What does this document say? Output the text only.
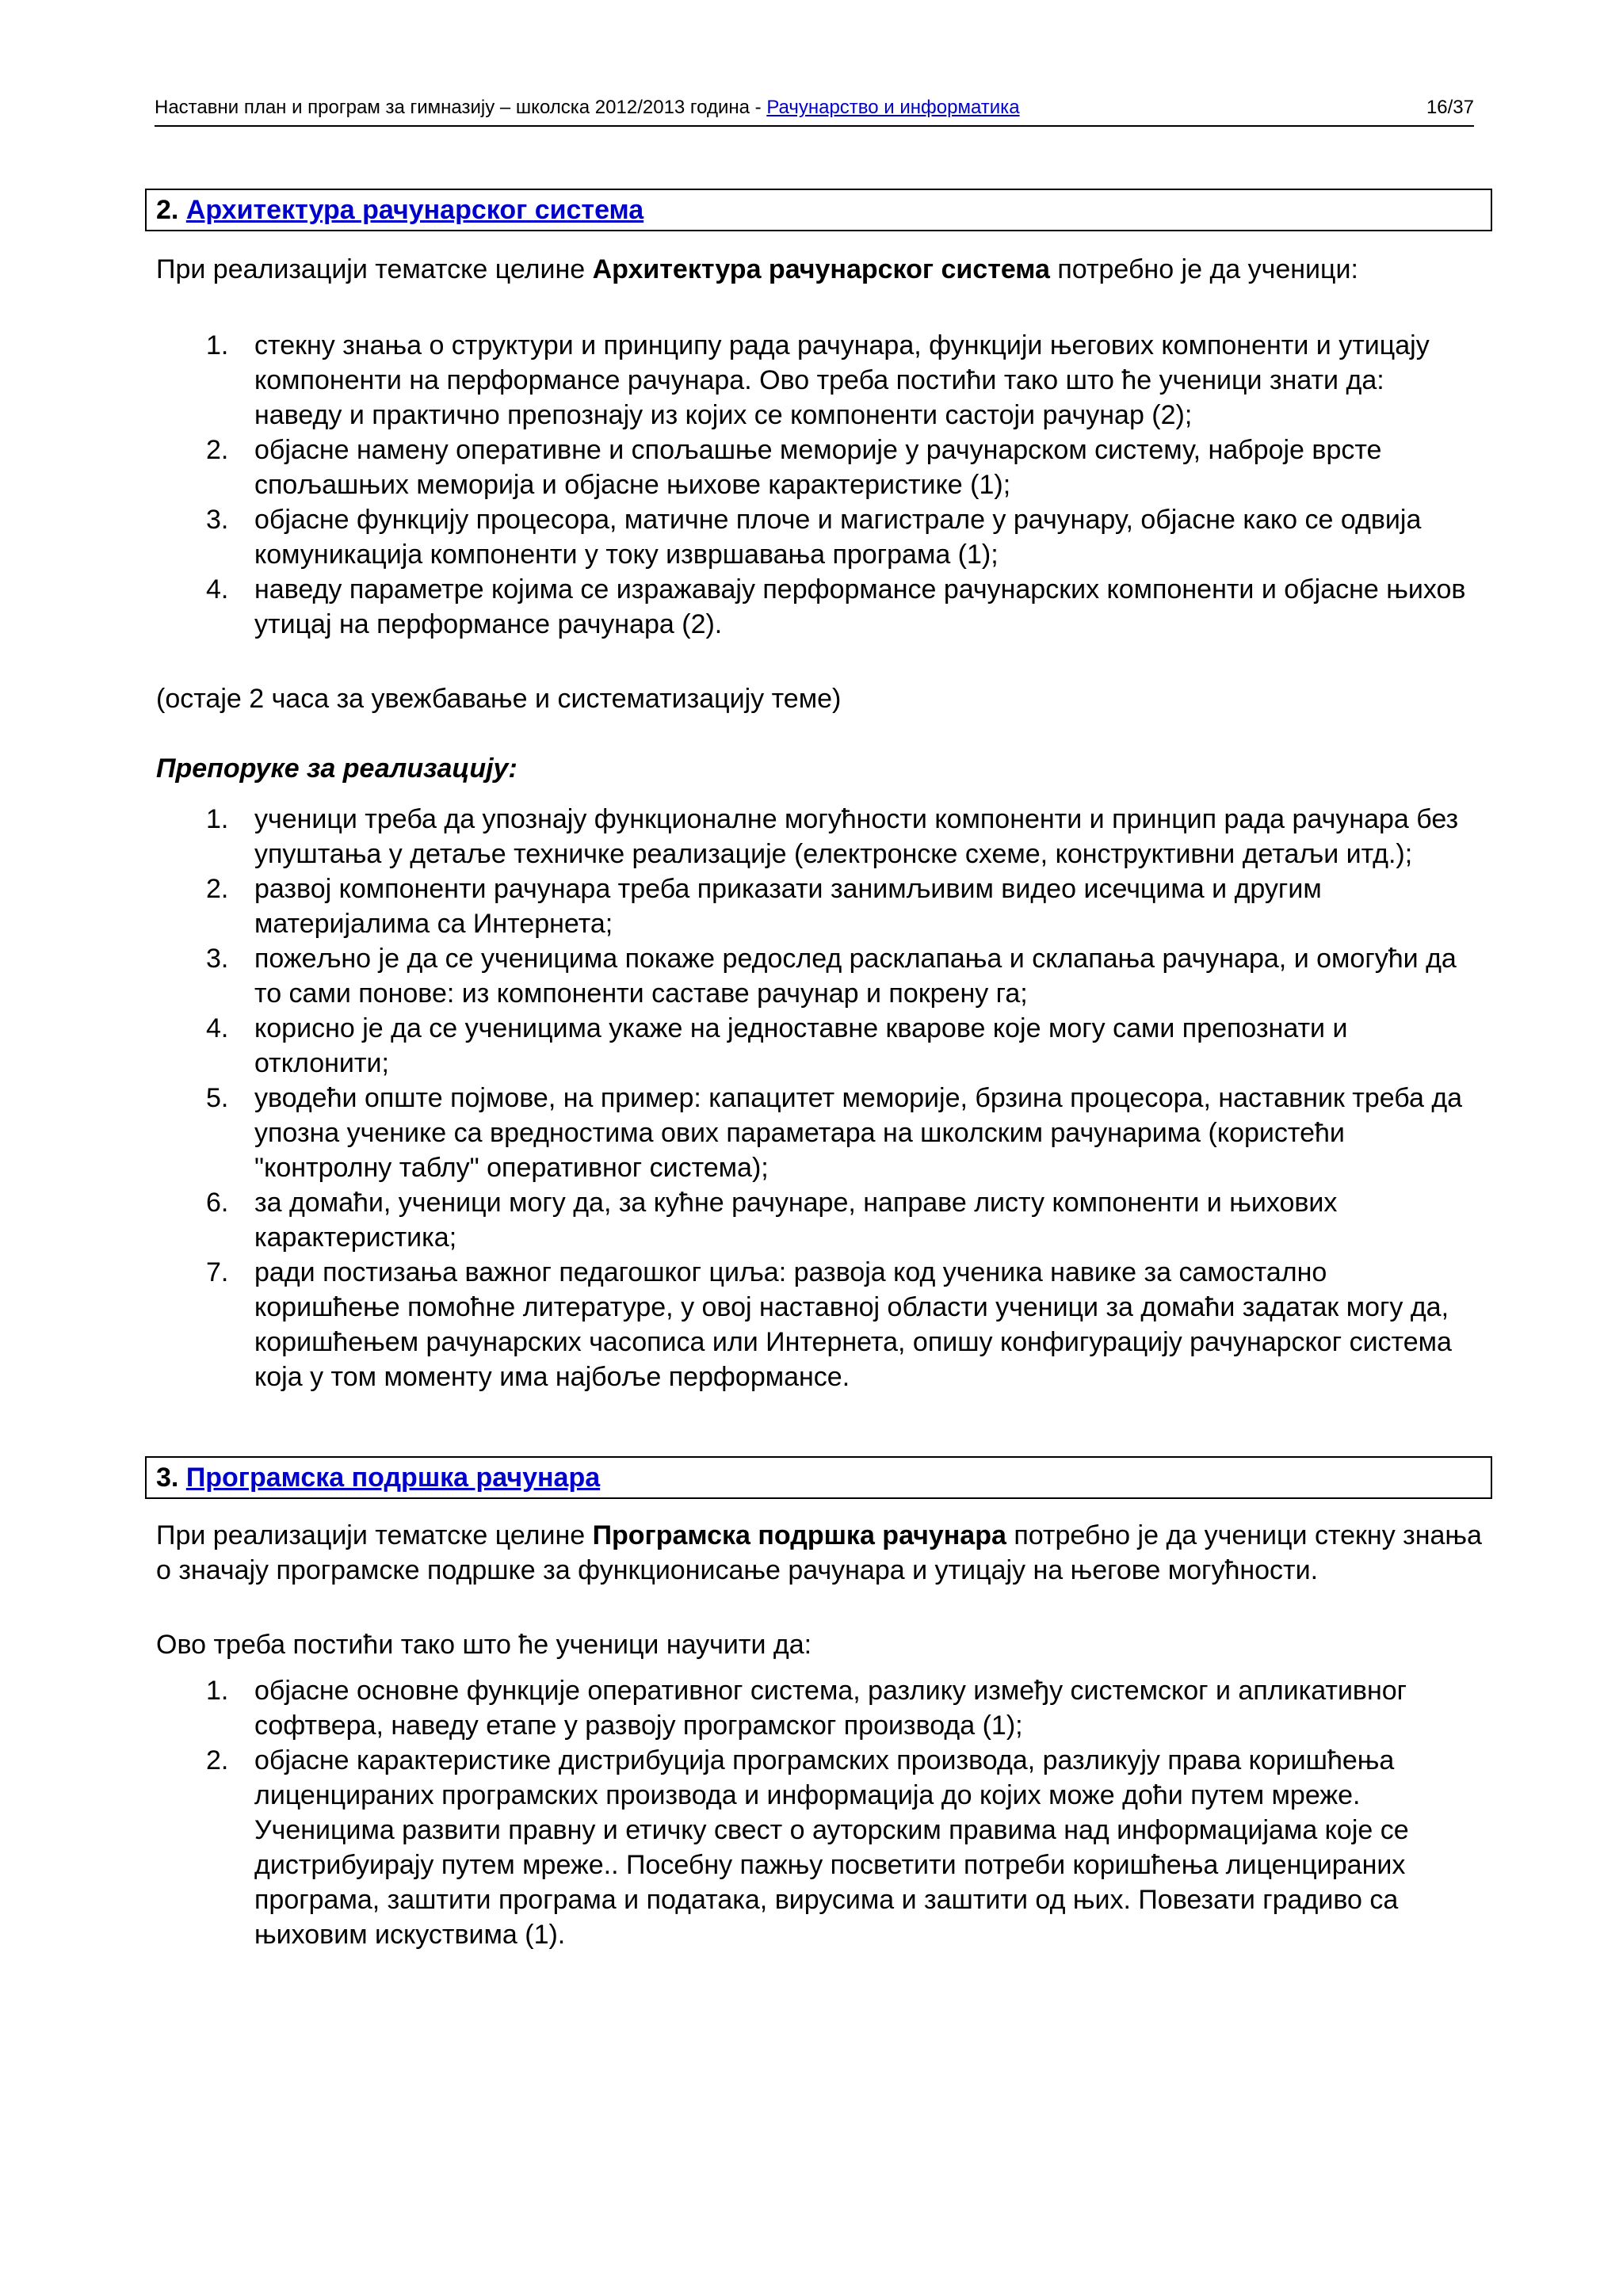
Наставни план и програм за гимназију – школска 2012/2013 година - Рачунарство и информатика	16/37
2. Архитектура рачунарског система
При реализацији тематске целине Архитектура рачунарског система потребно је да ученици:
1. стекну знања о структури и принципу рада рачунара, функцији његових компоненти и утицају компоненти на перформансе рачунара. Ово треба постићи тако што ће ученици знати да:
наведу и практично препознају из којих се компоненти састоји рачунар (2);
2. објасне намену оперативне и спољашње меморије у рачунарском систему, наброје врсте спољашњих меморија и објасне њихове карактеристике (1);
3. објасне функцију процесора, матичне плоче и магистрале у рачунару, објасне како се одвија комуникација компоненти у току извршавања програма (1);
4. наведу параметре којима се изражавају перформансе рачунарских компоненти и објасне њихов утицај на перформансе рачунара (2).
(остаје 2 часа за увежбавање и систематизацију теме)
Препоруке за реализацију:
1. ученици треба да упознају функционалне могућности компоненти и принцип рада рачунара без упуштања у детаље техничке реализације (електронске схеме, конструктивни детаљи итд.);
2. развој компоненти рачунара треба приказати занимљивим видео исечцима и другим материјалима са Интернета;
3. пожељно је да се ученицима покаже редослед расклапања и склапања рачунара, и омогући да то сами понове: из компоненти саставе рачунар и покрену га;
4. корисно је да се ученицима укаже на једноставне кварове које могу сами препознати и отклонити;
5. уводећи опште појмове, на пример: капацитет меморије, брзина процесора, наставник треба да упозна ученике са вредностима ових параметара на школским рачунарима (користећи "контролну таблу" оперативног система);
6. за домаћи, ученици могу да, за кућне рачунаре, направе листу компоненти и њихових карактеристика;
7. ради постизања важног педагошког циља: развоја код ученика навике за самостално коришћење помоћне литературе, у овој наставној области ученици за домаћи задатак могу да, коришћењем рачунарских часописа или Интернета, опишу конфигурацију рачунарског система која у том моменту има најбоље перформансе.
3. Програмска подршка рачунара
При реализацији тематске целине Програмска подршка рачунара потребно је да ученици стекну знања о значају програмске подршке за функционисање рачунара и утицају на његове могућности.
Ово треба постићи тако што ће ученици научити да:
1. објасне основне функције оперативног система, разлику између системског и апликативног софтвера, наведу етапе у развоју програмског производа (1);
2. објасне карактеристике дистрибуција програмских производа, разликују права коришћења лиценцираних програмских производа и информација до којих може доћи путем мреже. Ученицима развити правну и етичку свест о ауторским правима над информацијама које се дистрибуирају путем мреже.. Посебну пажњу посветити потреби коришћења лиценцираних програма, заштити програма и података, вирусима и заштити од њих. Повезати градиво са њиховим искуствима (1).
